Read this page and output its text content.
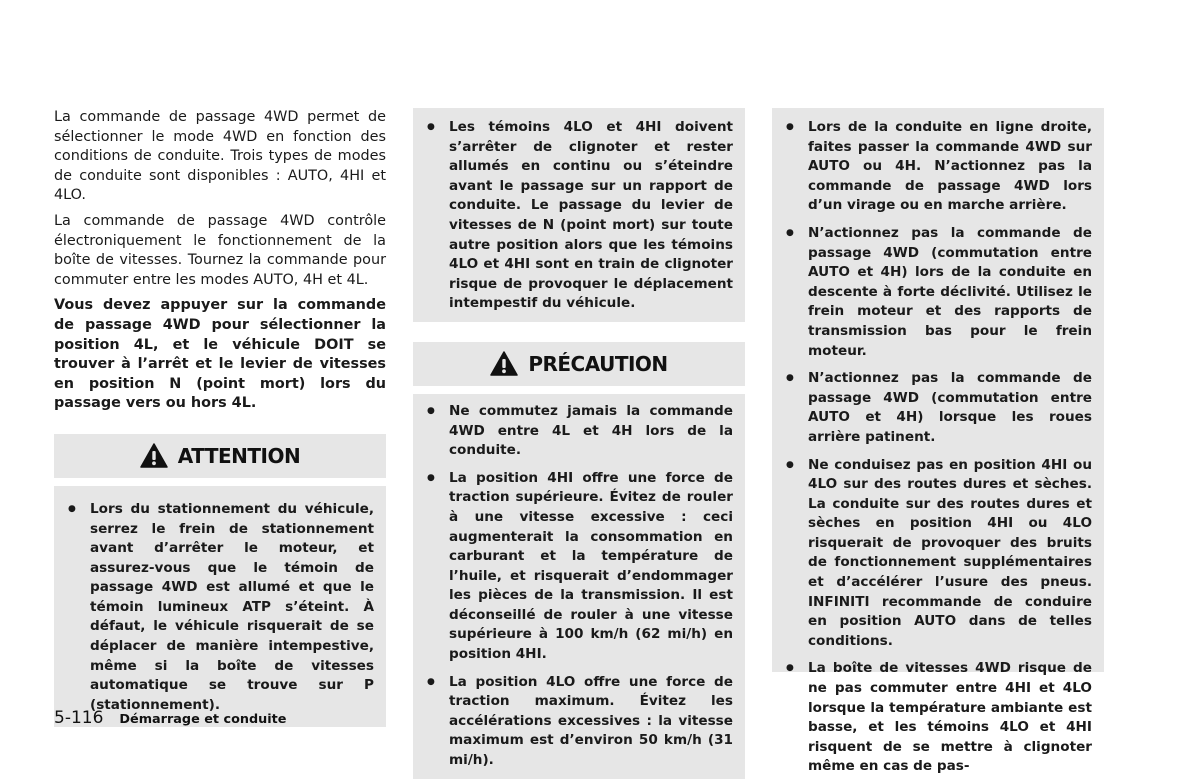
La commande de passage 4WD permet de sélectionner le mode 4WD en fonction des conditions de conduite. Trois types de modes de conduite sont disponibles : AUTO, 4HI et 4LO.

La commande de passage 4WD contrôle électroniquement le fonctionnement de la boîte de vitesses. Tournez la commande pour commuter entre les modes AUTO, 4H et 4L.

Vous devez appuyer sur la commande de passage 4WD pour sélectionner la position 4L, et le véhicule DOIT se trouver à l’arrêt et le levier de vitesses en position N (point mort) lors du passage vers ou hors 4L.

ATTENTION
● Lors du stationnement du véhicule, serrez le frein de stationnement avant d’arrêter le moteur, et assurez-vous que le témoin de passage 4WD est allumé et que le témoin lumineux ATP s’éteint. À défaut, le véhicule risquerait de se déplacer de manière intempestive, même si la boîte de vitesses automatique se trouve sur P (stationnement).
● Les témoins 4LO et 4HI doivent s’arrêter de clignoter et rester allumés en continu ou s’éteindre avant le passage sur un rapport de conduite. Le passage du levier de vitesses de N (point mort) sur toute autre position alors que les témoins 4LO et 4HI sont en train de clignoter risque de provoquer le déplacement intempestif du véhicule.
PRÉCAUTION
● Ne commutez jamais la commande 4WD entre 4L et 4H lors de la conduite.
● La position 4HI offre une force de traction supérieure. Évitez de rouler à une vitesse excessive : ceci augmenterait la consommation en carburant et la température de l’huile, et risquerait d’endommager les pièces de la transmission. Il est déconseillé de rouler à une vitesse supérieure à 100 km/h (62 mi/h) en position 4HI.
● La position 4LO offre une force de traction maximum. Évitez les accélérations excessives : la vitesse maximum est d’environ 50 km/h (31 mi/h).
● Lors de la conduite en ligne droite, faites passer la commande 4WD sur AUTO ou 4H. N’actionnez pas la commande de passage 4WD lors d’un virage ou en marche arrière.
● N’actionnez pas la commande de passage 4WD (commutation entre AUTO et 4H) lors de la conduite en descente à forte déclivité. Utilisez le frein moteur et des rapports de transmission bas pour le frein moteur.
● N’actionnez pas la commande de passage 4WD (commutation entre AUTO et 4H) lorsque les roues arrière patinent.
● Ne conduisez pas en position 4HI ou 4LO sur des routes dures et sèches. La conduite sur des routes dures et sèches en position 4HI ou 4LO risquerait de provoquer des bruits de fonctionnement supplémentaires et d’accélérer l’usure des pneus. INFINITI recommande de conduire en position AUTO dans de telles conditions.
● La boîte de vitesses 4WD risque de ne pas commuter entre 4HI et 4LO lorsque la température ambiante est basse, et les témoins 4LO et 4HI risquent de se mettre à clignoter même en cas de pas-
5-116 Démarrage et conduite
